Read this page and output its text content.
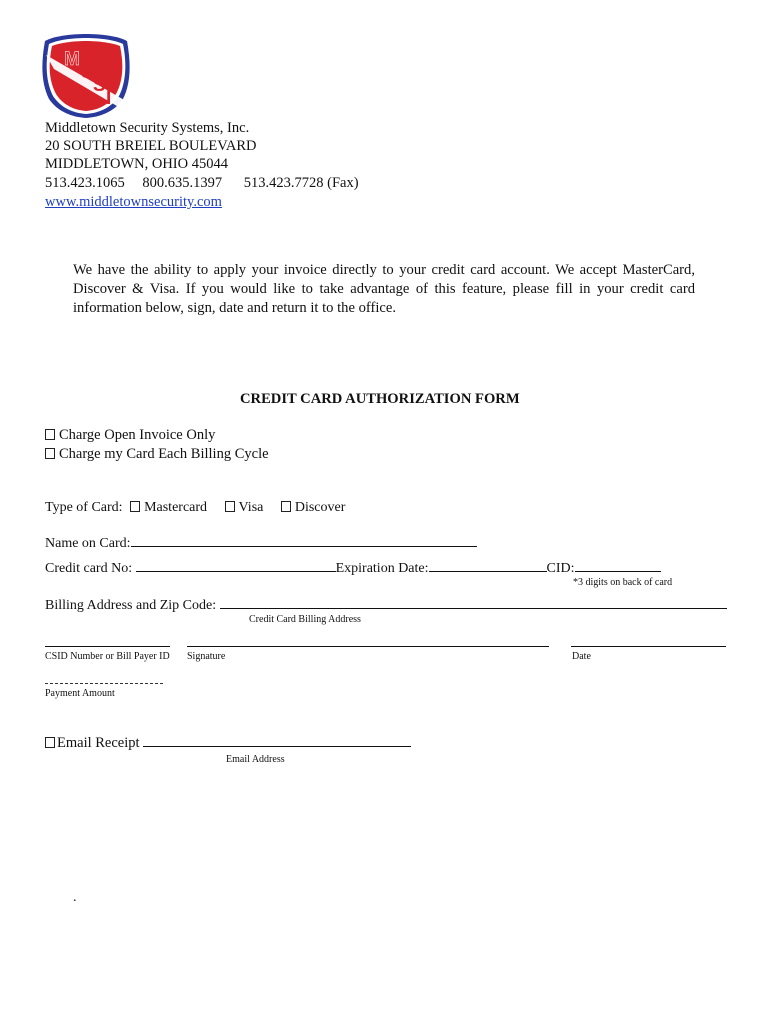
M
S
S
I
Middletown Security Systems, Inc.
20 SOUTH BREIEL BOULEVARD
MIDDLETOWN, OHIO 45044
513.423.1065 800.635.1397 513.423.7728 (Fax)
www.middletownsecurity.com
We have the ability to apply your invoice directly to your credit card account. We accept MasterCard, Discover & Visa. If you would like to take advantage of this feature, please fill in your credit card information below, sign, date and return it to the office.
CREDIT CARD AUTHORIZATION FORM
Charge Open Invoice Only
Charge my Card Each Billing Cycle
Type of Card: Mastercard Visa Discover
Name on Card:
Credit card No:	Expiration Date:	CID:
*3 digits on back of card
Billing Address and Zip Code:
Credit Card Billing Address
CSID Number or Bill Payer ID Signature	Date
Payment Amount
Email Receipt
Email Address
.
